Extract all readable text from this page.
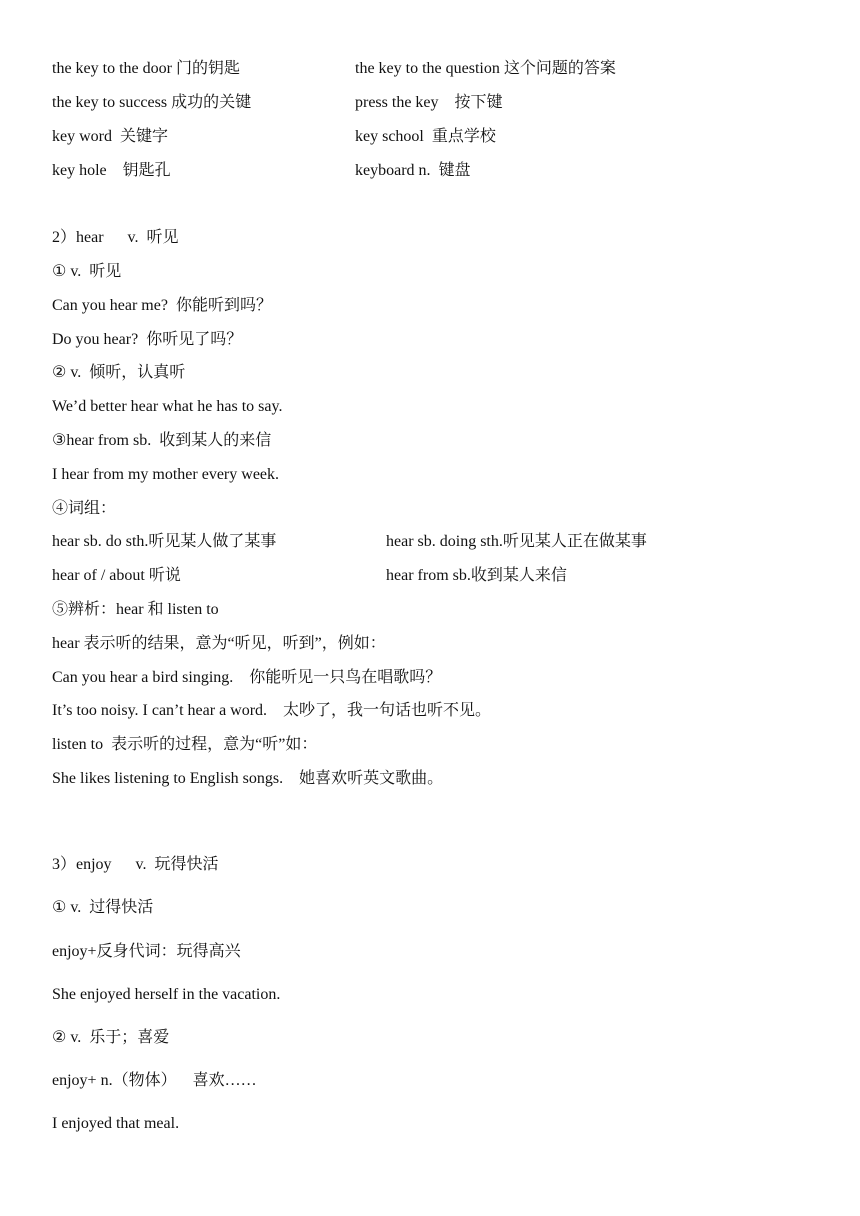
the key to the door 门的钥匙	the key to the question 这个问题的答案
the key to success 成功的关键	press the key    按下键
key word  关键字	key school  重点学校
key hole    钥匙孔	keyboard n.  键盘
2）hear      v.  听见
① v.  听见
Can you hear me?  你能听到吗？
Do you hear?  你听见了吗？
② v.  倾听，认真听
We’d better hear what he has to say.
③hear from sb.  收到某人的来信
I hear from my mother every week.
④词组：
hear sb. do sth.听见某人做了某事	hear sb. doing sth.听见某人正在做某事
hear of / about 听说	hear from sb.收到某人来信
⑤辨析：hear 和 listen to
hear 表示听的结果，意为“听见，听到”，例如：
Can you hear a bird singing.    你能听见一只鸟在唱歌吗？
It’s too noisy. I can’t hear a word.    太吵了，我一句话也听不见。
listen to  表示听的过程，意为“听”如：
She likes listening to English songs.    她喜欢听英文歌曲。
3）enjoy      v.  玩得快活
① v.  过得快活
enjoy+反身代词：玩得高兴
She enjoyed herself in the vacation.
② v.  乐于；喜爱
enjoy+ n.（物体）    喜欢……
I enjoyed that meal.
